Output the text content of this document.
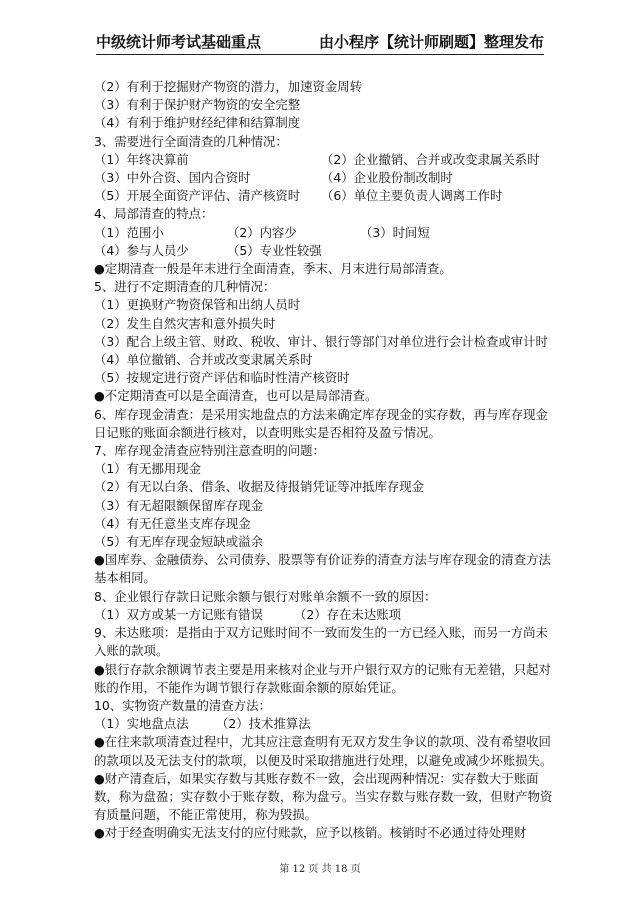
中级统计师考试基础重点	由小程序【统计师刷题】整理发布
（2）有利于挖掘财产物资的潜力，加速资金周转
（3）有利于保护财产物资的安全完整
（4）有利于维护财经纪律和结算制度
3、需要进行全面清查的几种情况：
（1）年终决算前	（2）企业撤销、合并或改变隶属关系时
（3）中外合资、国内合资时	（4）企业股份制改制时
（5）开展全面资产评估、清产核资时	（6）单位主要负责人调离工作时
4、局部清查的特点：
（1）范围小	（2）内容少	（3）时间短
（4）参与人员少	（5）专业性较强
●定期清查一般是年末进行全面清查，季末、月末进行局部清查。
5、进行不定期清查的几种情况：
（1）更换财产物资保管和出纳人员时
（2）发生自然灾害和意外损失时
（3）配合上级主管、财政、税收、审计、银行等部门对单位进行会计检查或审计时
（4）单位撤销、合并或改变隶属关系时
（5）按规定进行资产评估和临时性清产核资时
●不定期清查可以是全面清查，也可以是局部清查。
6、库存现金清查：是采用实地盘点的方法来确定库存现金的实存数，再与库存现金日记账的账面余额进行核对，以查明账实是否相符及盈亏情况。
7、库存现金清查应特别注意查明的问题：
（1）有无挪用现金
（2）有无以白条、借条、收据及待报销凭证等冲抵库存现金
（3）有无超限额保留库存现金
（4）有无任意坐支库存现金
（5）有无库存现金短缺或溢余
●国库券、金融债券、公司债券、股票等有价证券的清查方法与库存现金的清查方法基本相同。
8、企业银行存款日记账余额与银行对账单余额不一致的原因：
（1）双方或某一方记账有错误	（2）存在未达账项
9、未达账项：是指由于双方记账时间不一致而发生的一方已经入账，而另一方尚未入账的款项。
●银行存款余额调节表主要是用来核对企业与开户银行双方的记账有无差错，只起对账的作用，不能作为调节银行存款账面余额的原始凭证。
10、实物资产数量的清查方法：
（1）实地盘点法	（2）技术推算法
●在往来款项清查过程中，尤其应注意查明有无双方发生争议的款项、没有希望收回的款项以及无法支付的款项，以便及时采取措施进行处理，以避免或减少坏账损失。
●财产清查后，如果实存数与其账存数不一致，会出现两种情况：实存数大于账面数，称为盘盈；实存数小于账存数，称为盘亏。当实存数与账存数一致，但财产物资有质量问题，不能正常使用，称为毁损。
●对于经查明确实无法支付的应付账款，应予以核销。核销时不必通过待处理财
第 12 页 共 18 页
